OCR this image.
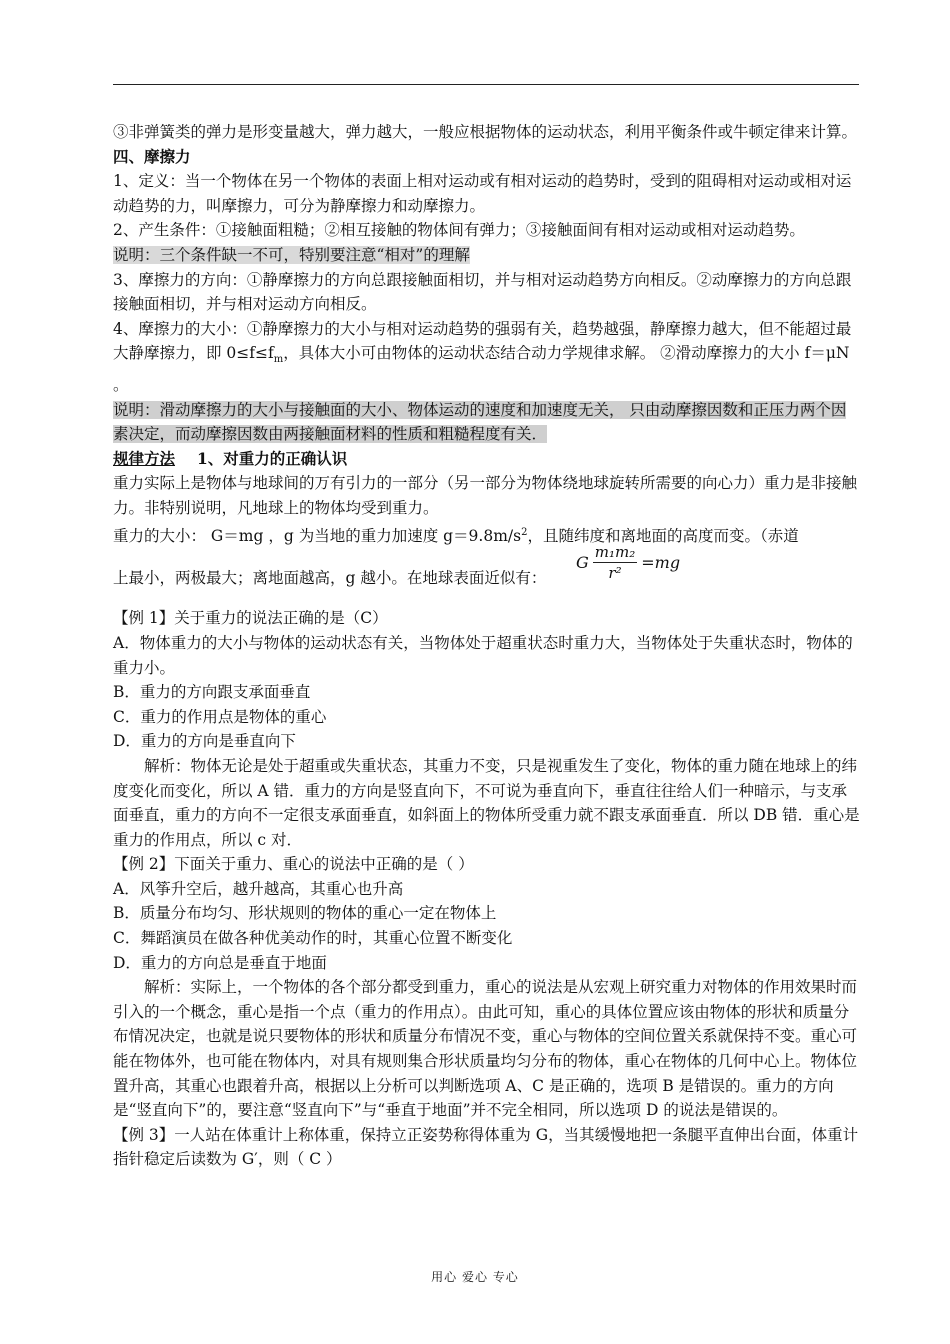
③非弹簧类的弹力是形变量越大，弹力越大，一般应根据物体的运动状态，利用平衡条件或牛顿定律来计算。

四、摩擦力

1、定义：当一个物体在另一个物体的表面上相对运动或有相对运动的趋势时，受到的阻碍相对运动或相对运动趋势的力，叫摩擦力，可分为静摩擦力和动摩擦力。

2、产生条件：①接触面粗糙；②相互接触的物体间有弹力；③接触面间有相对运动或相对运动趋势。

说明：三个条件缺一不可，特别要注意“相对”的理解

3、摩擦力的方向：①静摩擦力的方向总跟接触面相切，并与相对运动趋势方向相反。②动摩擦力的方向总跟接触面相切，并与相对运动方向相反。

4、摩擦力的大小：①静摩擦力的大小与相对运动趋势的强弱有关，趋势越强，静摩擦力越大，但不能超过最大静摩擦力，即 $0\le f\le f_m$，具体大小可由物体的运动状态结合动力学规律求解。 ②滑动摩擦力的大小 f＝μN 。

说明：滑动摩擦力的大小与接触面的大小、物体运动的速度和加速度无关， 只由动摩擦因数和正压力两个因素决定，而动摩擦因数由两接触面材料的性质和粗糙程度有关．

规律方法 1、对重力的正确认识

重力实际上是物体与地球间的万有引力的一部分（另一部分为物体绕地球旋转所需要的向心力）重力是非接触力。非特别说明，凡地球上的物体均受到重力。

重力的大小： G＝mg ，g 为当地的重力加速度 $g=9.8m/s^2$，且随纬度和离地面的高度而变。（赤道

上最小，两极最大；离地面越高，g 越小。在地球表面近似有：
G $\frac{\text{m₁m₂}}{\text{r²}} =mg$

【例 1】关于重力的说法正确的是（C）

A．物体重力的大小与物体的运动状态有关，当物体处于超重状态时重力大，当物体处于失重状态时，物体的重力小。

B．重力的方向跟支承面垂直

C．重力的作用点是物体的重心

D．重力的方向是垂直向下

解析：物体无论是处于超重或失重状态，其重力不变，只是视重发生了变化，物体的重力随在地球上的纬度变化而变化，所以 A 错．重力的方向是竖直向下，不可说为垂直向下，垂直往往给人们一种暗示，与支承面垂直，重力的方向不一定很支承面垂直，如斜面上的物体所受重力就不跟支承面垂直．所以 DB 错．重心是重力的作用点，所以 c 对．

【例 2】下面关于重力、重心的说法中正确的是（ ）

A．风筝升空后，越升越高，其重心也升高

B．质量分布均匀、形状规则的物体的重心一定在物体上

C．舞蹈演员在做各种优美动作的时，其重心位置不断变化

D．重力的方向总是垂直于地面

解析：实际上，一个物体的各个部分都受到重力，重心的说法是从宏观上研究重力对物体的作用效果时而引入的一个概念，重心是指一个点（重力的作用点）。由此可知，重心的具体位置应该由物体的形状和质量分布情况决定，也就是说只要物体的形状和质量分布情况不变，重心与物体的空间位置关系就保持不变。重心可能在物体外，也可能在物体内，对具有规则集合形状质量均匀分布的物体，重心在物体的几何中心上。物体位置升高，其重心也跟着升高，根据以上分析可以判断选项 A、C 是正确的，选项 B 是错误的。重力的方向是“竖直向下”的，要注意“竖直向下”与“垂直于地面”并不完全相同，所以选项 D 的说法是错误的。

【例 3】一人站在体重计上称体重，保持立正姿势称得体重为 G，当其缓慢地把一条腿平直伸出台面，体重计指针稳定后读数为 G′，则（ C ）

用心 爱心 专心
